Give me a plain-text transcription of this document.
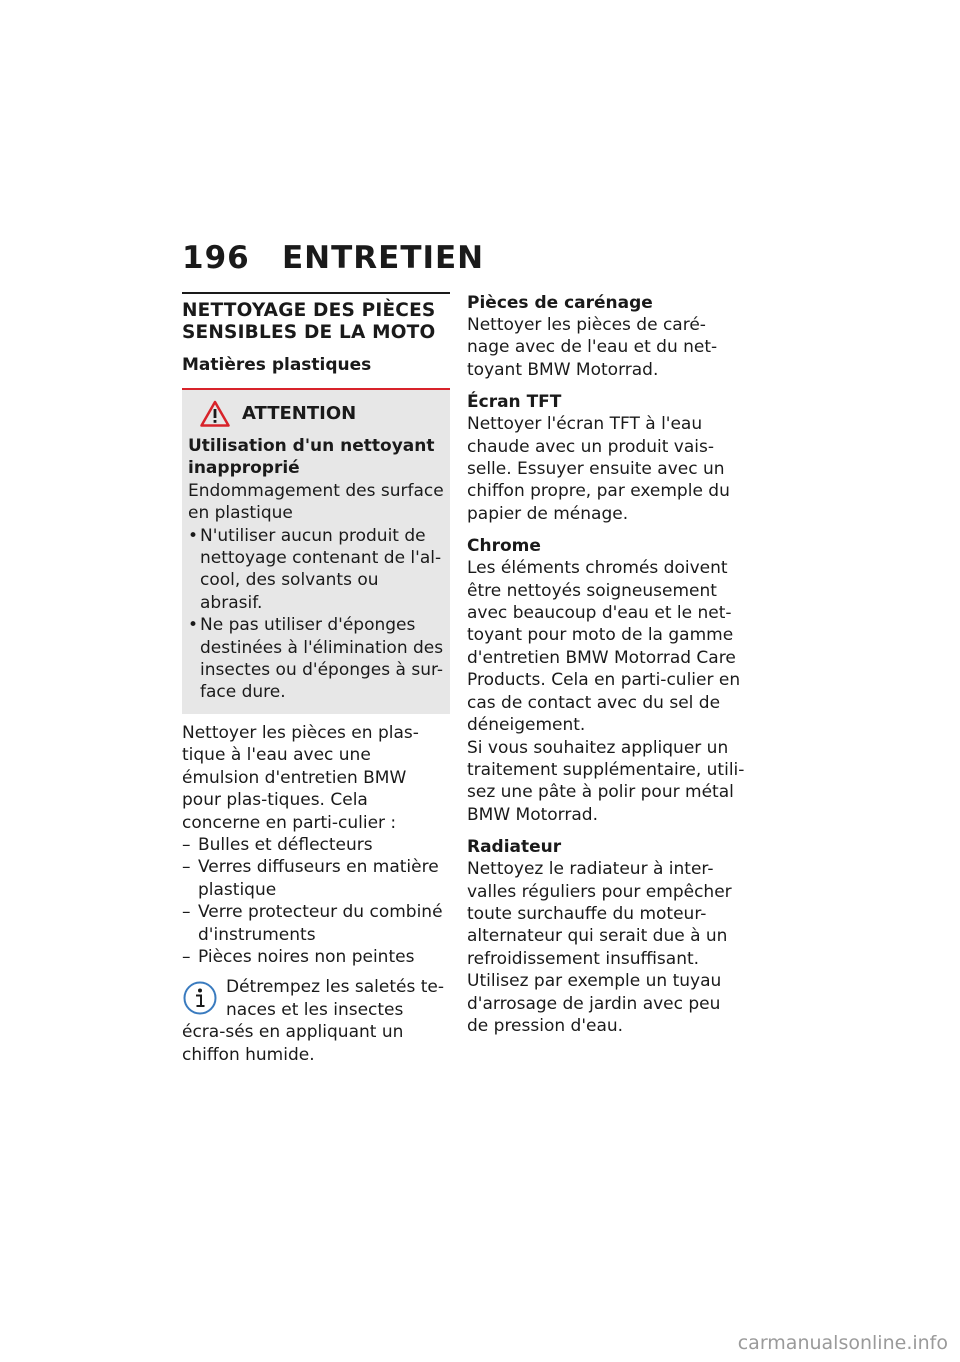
196 ENTRETIEN
NETTOYAGE DES PIÈCES SENSIBLES DE LA MOTO
Matières plastiques
ATTENTION
Utilisation d'un nettoyant inapproprié
Endommagement des surface en plastique
• N'utiliser aucun produit de nettoyage contenant de l'al-cool, des solvants ou abrasif.
• Ne pas utiliser d'éponges destinées à l'élimination des insectes ou d'éponges à sur-face dure.
Nettoyer les pièces en plas-tique à l'eau avec une émulsion d'entretien BMW pour plas-tiques. Cela concerne en parti-culier :
– Bulles et déflecteurs
– Verres diffuseurs en matière plastique
– Verre protecteur du combiné d'instruments
– Pièces noires non peintes
Détrempez les saletés te-naces et les insectes écra-sés en appliquant un chiffon humide.
Pièces de carénage
Nettoyer les pièces de caré-nage avec de l'eau et du net-toyant BMW Motorrad.
Écran TFT
Nettoyer l'écran TFT à l'eau chaude avec un produit vais-selle. Essuyer ensuite avec un chiffon propre, par exemple du papier de ménage.
Chrome
Les éléments chromés doivent être nettoyés soigneusement avec beaucoup d'eau et le net-toyant pour moto de la gamme d'entretien BMW Motorrad Care Products. Cela en parti-culier en cas de contact avec du sel de déneigement.
Si vous souhaitez appliquer un traitement supplémentaire, utili-sez une pâte à polir pour métal BMW Motorrad.
Radiateur
Nettoyez le radiateur à inter-valles réguliers pour empêcher toute surchauffe du moteur-alternateur qui serait due à un refroidissement insuffisant. Utilisez par exemple un tuyau d'arrosage de jardin avec peu de pression d'eau.
carmanualsonline.info
